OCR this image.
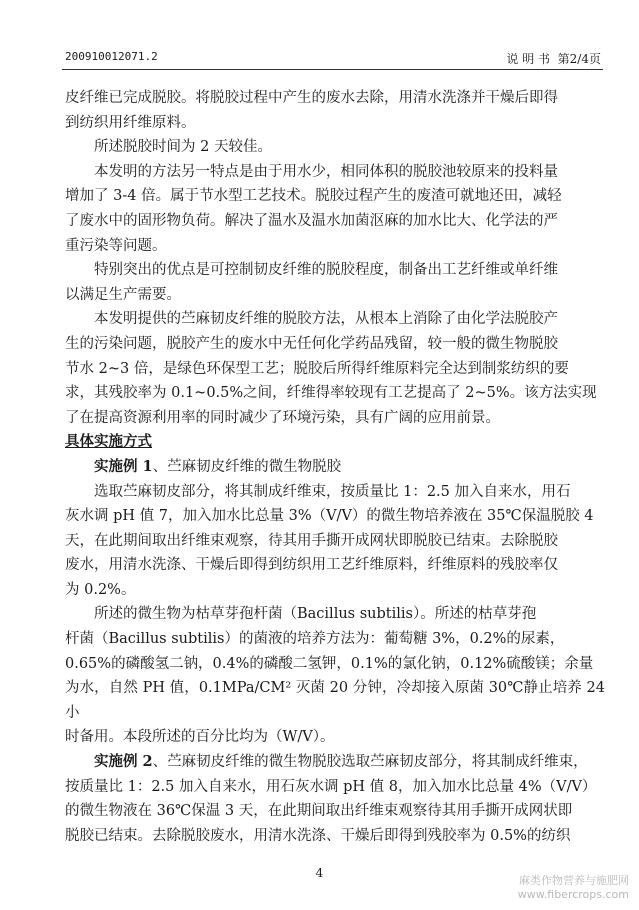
200910012071.2	说 明 书 第2/4页

皮纤维已完成脱胶。将脱胶过程中产生的废水去除，用清水洗涤并干燥后即得

到纺织用纤维原料。

所述脱胶时间为 2 天较佳。

本发明的方法另一特点是由于用水少，相同体积的脱胶池较原来的投料量

增加了 3-4 倍。属于节水型工艺技术。脱胶过程产生的废渣可就地还田，减轻

了废水中的固形物负荷。解决了温水及温水加菌沤麻的加水比大、化学法的严

重污染等问题。

特别突出的优点是可控制韧皮纤维的脱胶程度，制备出工艺纤维或单纤维

以满足生产需要。

本发明提供的苎麻韧皮纤维的脱胶方法，从根本上消除了由化学法脱胶产

生的污染问题，脱胶产生的废水中无任何化学药品残留，较一般的微生物脱胶

节水 2~3 倍，是绿色环保型工艺；脱胶后所得纤维原料完全达到制浆纺织的要

求，其残胶率为 0.1~0.5%之间，纤维得率较现有工艺提高了 2~5%。该方法实现

了在提高资源利用率的同时减少了环境污染，具有广阔的应用前景。

具体实施方式

实施例 1、苎麻韧皮纤维的微生物脱胶

选取苎麻韧皮部分，将其制成纤维束，按质量比 1：2.5 加入自来水，用石

灰水调 pH 值 7，加入加水比总量 3%（V/V）的微生物培养液在 35℃保温脱胶 4

天，在此期间取出纤维束观察，待其用手撕开成网状即脱胶已结束。去除脱胶

废水，用清水洗涤、干燥后即得到纺织用工艺纤维原料，纤维原料的残胶率仅

为 0.2%。

所述的微生物为枯草芽孢杆菌（Bacillus subtilis）。所述的枯草芽孢

杆菌（Bacillus subtilis）的菌液的培养方法为：葡萄糖 3%，0.2%的尿素，

0.65%的磷酸氢二钠，0.4%的磷酸二氢钾，0.1%的氯化钠，0.12%硫酸镁；余量

为水，自然 PH 值，0.1MPa/CM² 灭菌 20 分钟，冷却接入原菌 30℃静止培养 24 小

时备用。本段所述的百分比均为（W/V）。

实施例 2、苎麻韧皮纤维的微生物脱胶选取苎麻韧皮部分，将其制成纤维束，

按质量比 1：2.5 加入自来水，用石灰水调 pH 值 8，加入加水比总量 4%（V/V）

的微生物液在 36℃保温 3 天，在此期间取出纤维束观察待其用手撕开成网状即

脱胶已结束。去除脱胶废水，用清水洗涤、干燥后即得到残胶率为 0.5%的纺织

4
麻类作物营养与施肥网
www.fibercrops.com
